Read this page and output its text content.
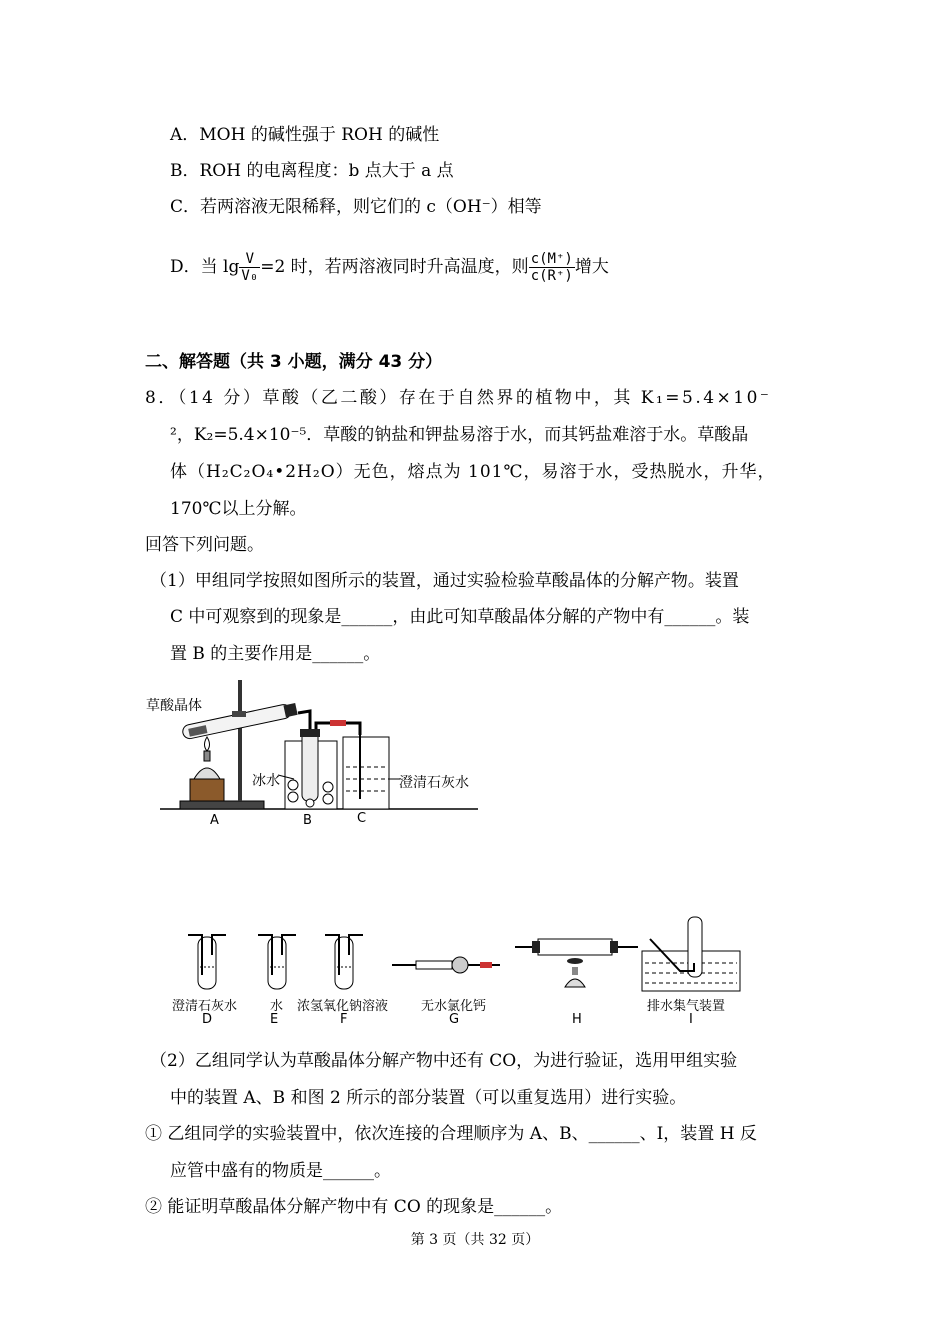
A．MOH 的碱性强于 ROH 的碱性
B．ROH 的电离程度：b 点大于 a 点
C．若两溶液无限稀释，则它们的 c（OH⁻）相等
D．当 $\lg \frac{V}{\text{V₀}} =2$ 时，若两溶液同时升高温度，则 $\frac{c(M^+)}{c(R^+)}$ 增大
二、解答题（共 3 小题，满分 43 分）
8．（14 分）草酸（乙二酸）存在于自然界的植物中，其 K₁=5.4×10⁻
²，K₂=5.4×10⁻⁵．草酸的钠盐和钾盐易溶于水，而其钙盐难溶于水。草酸晶
体（H₂C₂O₄•2H₂O）无色，熔点为 101℃，易溶于水，受热脱水，升华，
170℃以上分解。
回答下列问题。
（1）甲组同学按照如图所示的装置，通过实验检验草酸晶体的分解产物。装置
C 中可观察到的现象是______，由此可知草酸晶体分解的产物中有______。装
置 B 的主要作用是______。
草酸晶体
冰水	澄清石灰水
A	B	C
澄清石灰水	水 浓氢氧化钠溶液	无水氯化钙	排水集气装置
D	E	F	G	H	I
（2）乙组同学认为草酸晶体分解产物中还有 CO，为进行验证，选用甲组实验
中的装置 A、B 和图 2 所示的部分装置（可以重复选用）进行实验。
① 乙组同学的实验装置中，依次连接的合理顺序为 A、B、______、I，装置 H 反
应管中盛有的物质是______。
② 能证明草酸晶体分解产物中有 CO 的现象是______。
第 3 页（共 32 页）
